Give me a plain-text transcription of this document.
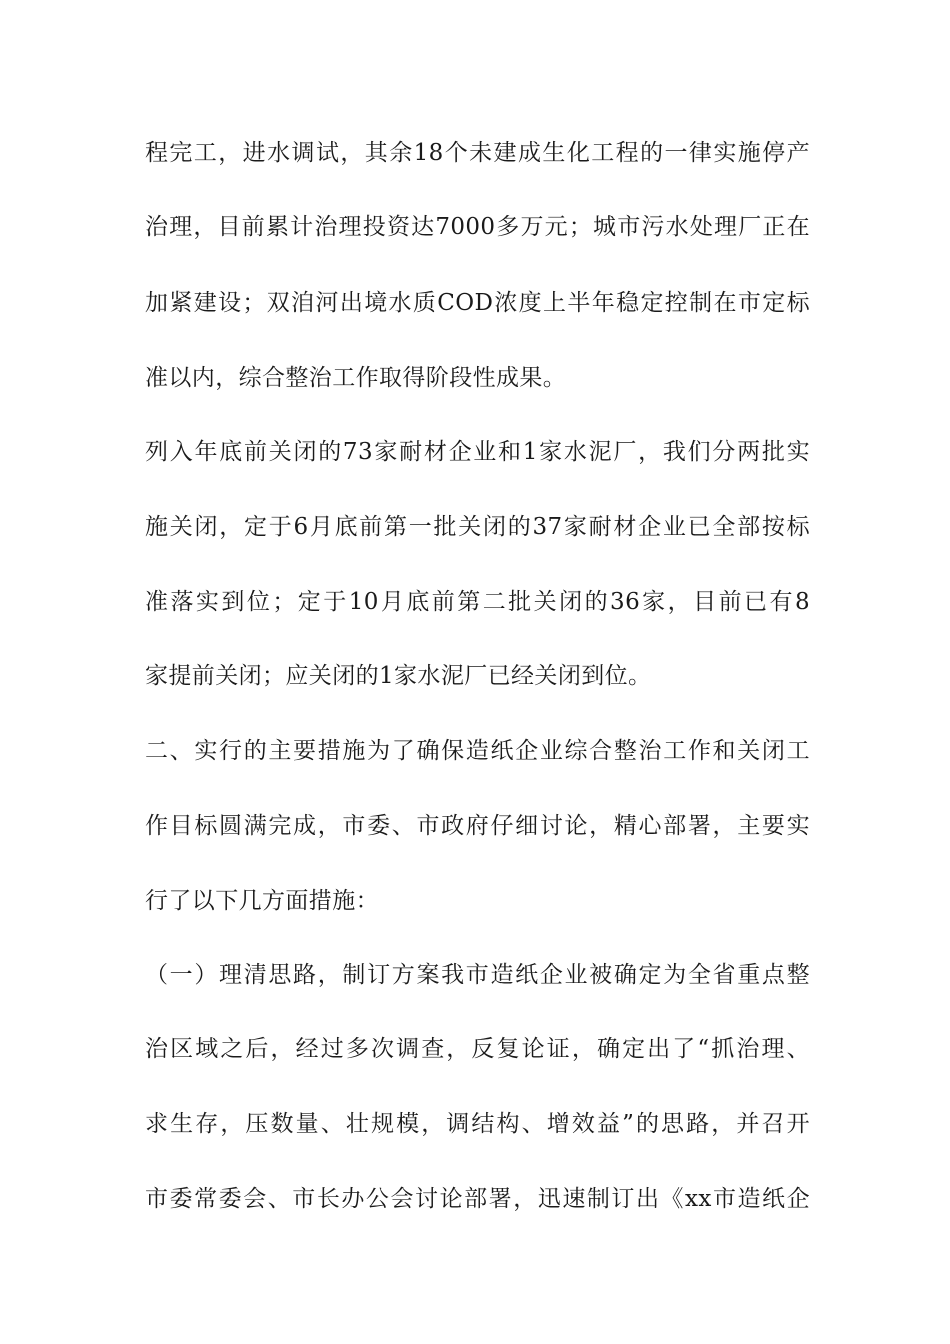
程完工，进水调试，其余18个未建成生化工程的一律实施停产
治理，目前累计治理投资达7000多万元；城市污水处理厂正在
加紧建设；双洎河出境水质COD浓度上半年稳定控制在市定标
准以内，综合整治工作取得阶段性成果。
列入年底前关闭的73家耐材企业和1家水泥厂，我们分两批实
施关闭，定于6月底前第一批关闭的37家耐材企业已全部按标
准落实到位；定于10月底前第二批关闭的36家，目前已有8
家提前关闭；应关闭的1家水泥厂已经关闭到位。
二、实行的主要措施为了确保造纸企业综合整治工作和关闭工
作目标圆满完成，市委、市政府仔细讨论，精心部署，主要实
行了以下几方面措施：
（一）理清思路，制订方案我市造纸企业被确定为全省重点整
治区域之后，经过多次调查，反复论证，确定出了“抓治理、
求生存，压数量、壮规模，调结构、增效益”的思路，并召开
市委常委会、市长办公会讨论部署，迅速制订出《xx市造纸企
